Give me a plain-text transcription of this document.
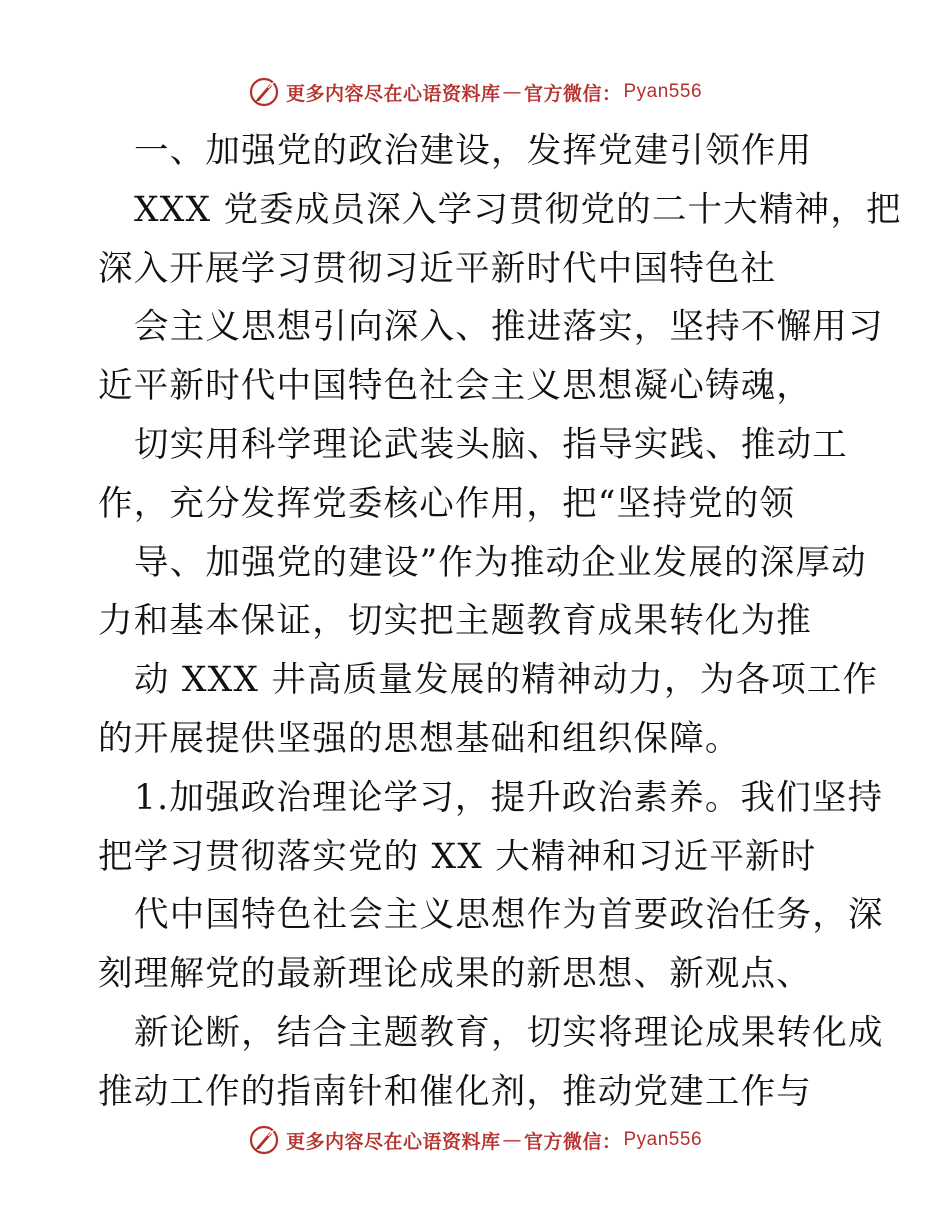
更多内容尽在心语资料库 — 官方微信： Pyan556
一、加强党的政治建设，发挥党建引领作用
XXX 党委成员深入学习贯彻党的二十大精神，把
深入开展学习贯彻习近平新时代中国特色社
会主义思想引向深入、推进落实，坚持不懈用习
近平新时代中国特色社会主义思想凝心铸魂，
切实用科学理论武装头脑、指导实践、推动工
作，充分发挥党委核心作用，把“坚持党的领
导、加强党的建设”作为推动企业发展的深厚动
力和基本保证，切实把主题教育成果转化为推
动 XXX 井高质量发展的精神动力，为各项工作
的开展提供坚强的思想基础和组织保障。
1.加强政治理论学习，提升政治素养。我们坚持
把学习贯彻落实党的 XX 大精神和习近平新时
代中国特色社会主义思想作为首要政治任务，深
刻理解党的最新理论成果的新思想、新观点、
新论断，结合主题教育，切实将理论成果转化成
推动工作的指南针和催化剂，推动党建工作与
更多内容尽在心语资料库 — 官方微信： Pyan556
